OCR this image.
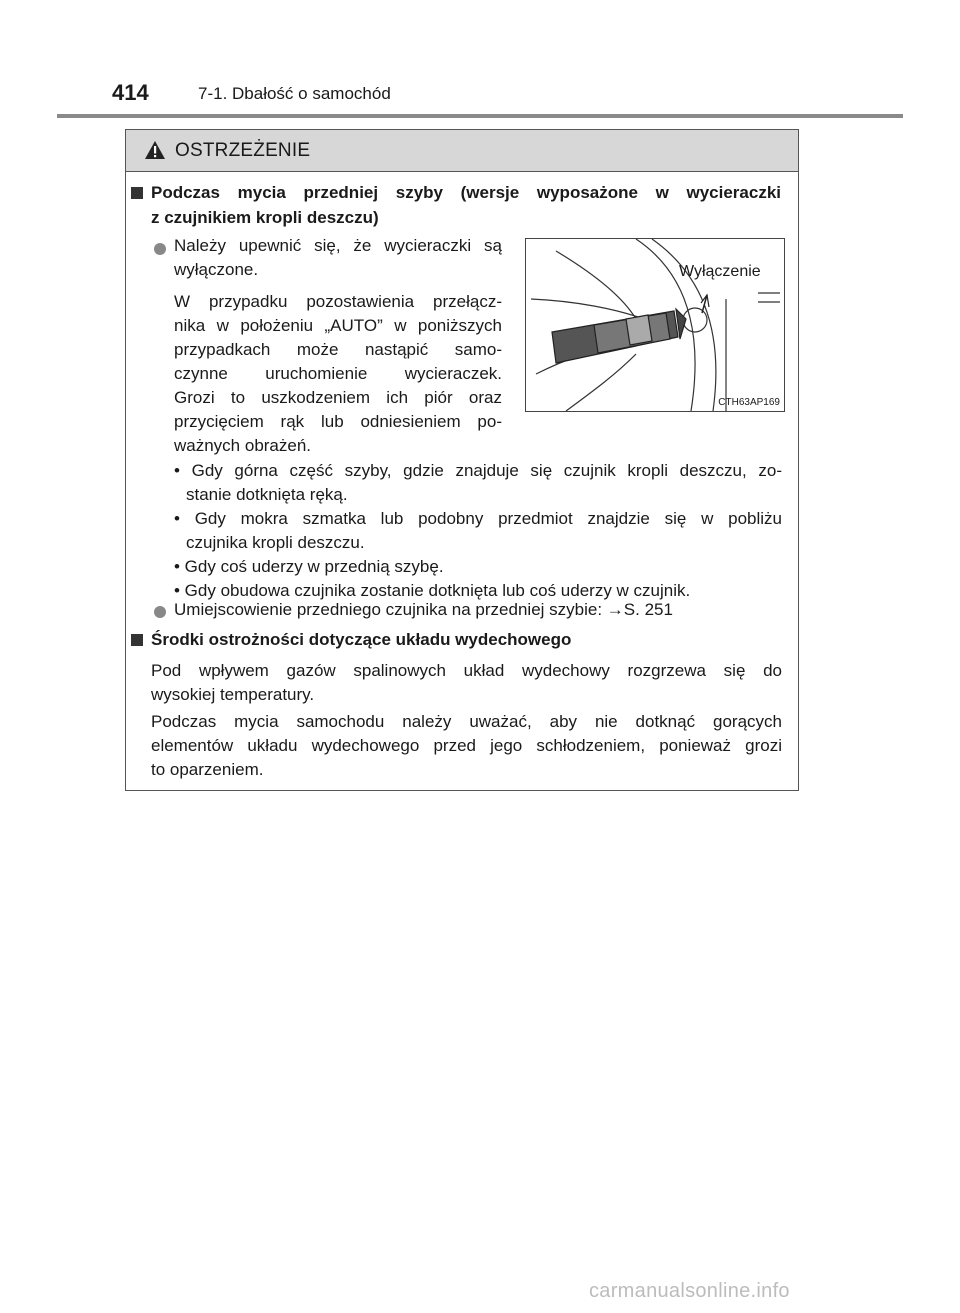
414	7-1. Dbałość o samochód
OSTRZEŻENIE
Podczas mycia przedniej szyby (wersje wyposażone w wycieraczki
z czujnikiem kropli deszczu)
Należy upewnić się, że wycieraczki są
wyłączone.
W przypadku pozostawienia przełącz-
nika w położeniu „AUTO” w poniższych
przypadkach może nastąpić samo-
czynne uruchomienie wycieraczek.
Grozi to uszkodzeniem ich piór oraz
przycięciem rąk lub odniesieniem po-
ważnych obrażeń.
Wyłączenie
CTH63AP169
• Gdy górna część szyby, gdzie znajduje się czujnik kropli deszczu, zo-
stanie dotknięta ręką.
• Gdy mokra szmatka lub podobny przedmiot znajdzie się w pobliżu
czujnika kropli deszczu.
• Gdy coś uderzy w przednią szybę.
• Gdy obudowa czujnika zostanie dotknięta lub coś uderzy w czujnik.
Umiejscowienie przedniego czujnika na przedniej szybie: →S. 251
Środki ostrożności dotyczące układu wydechowego
Pod wpływem gazów spalinowych układ wydechowy rozgrzewa się do
wysokiej temperatury.
Podczas mycia samochodu należy uważać, aby nie dotknąć gorących
elementów układu wydechowego przed jego schłodzeniem, ponieważ grozi
to oparzeniem.
carmanualsonline.info
